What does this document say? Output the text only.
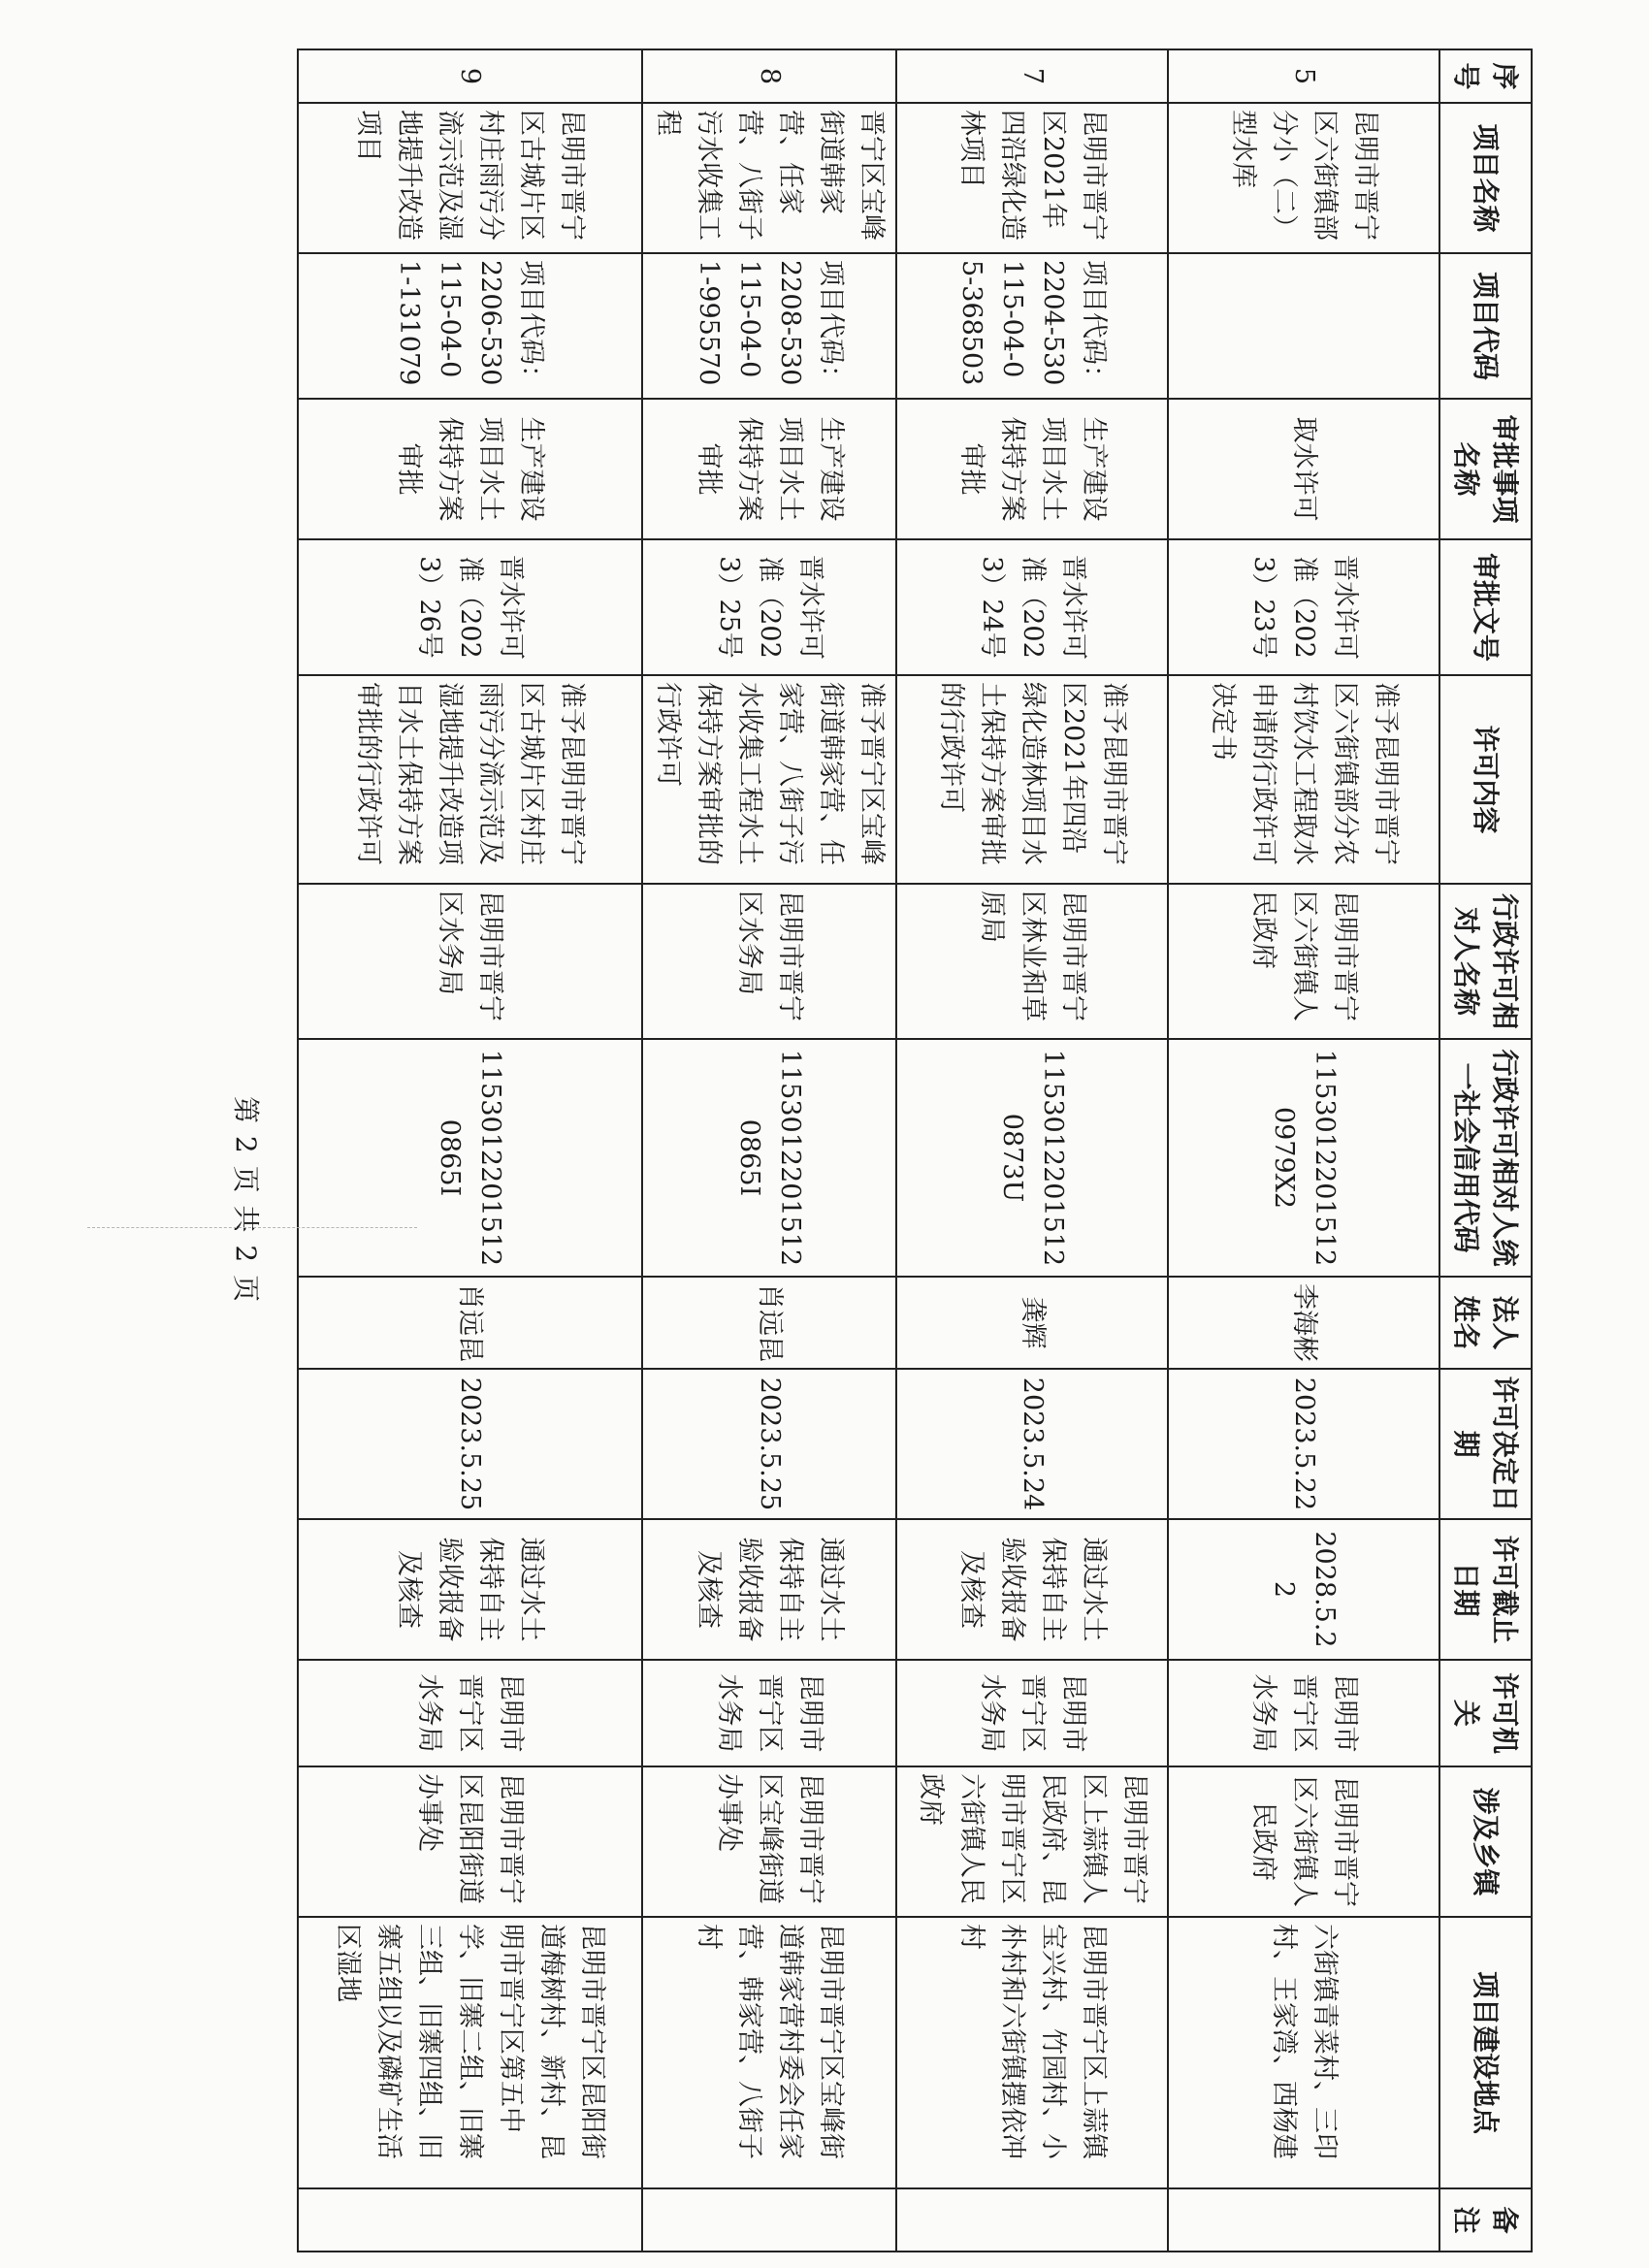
序号	项目名称	项目代码	审批事项名称	审批文号	许可内容	行政许可相对人名称	行政许可相对人统一社会信用代码	法人姓名	许可决定日期	许可截止日期	许可机关	涉及乡镇	项目建设地点	备注
5	昆明市晋宁区六街镇部分小（二）型水库		取水许可	晋水许可准（2023）23号	准予昆明市晋宁区六街镇部分农村饮水工程取水申请的行政许可决定书	昆明市晋宁区六街镇人民政府	11530122015120979X2	李海彬	2023.5.22	2028.5.22	昆明市晋宁区水务局	昆明市晋宁区六街镇人民政府	六街镇青菜村、三印村、王家湾、西杨建	
7	昆明市晋宁区2021年四沿绿化造林项目	项目代码：2204-530115-04-05-368503	生产建设项目水土保持方案审批	晋水许可准（2023）24号	准予昆明市晋宁区2021年四沿绿化造林项目水土保持方案审批的行政许可	昆明市晋宁区林业和草原局	11530122015120873U	龚辉	2023.5.24	通过水土保持自主验收报备及核查	昆明市晋宁区水务局	昆明市晋宁区上蒜镇人民政府、昆明市晋宁区六街镇人民政府	昆明市晋宁区上蒜镇宝兴村、竹园村、小朴村和六街镇摆依冲村	
8	晋宁区宝峰街道韩家营、任家营、八街子污水收集工程	项目代码：2208-530115-04-01-995570	生产建设项目水土保持方案审批	晋水许可准（2023）25号	准予晋宁区宝峰街道韩家营、任家营、八街子污水收集工程水土保持方案审批的行政许可	昆明市晋宁区水务局	11530122015120865I	肖远昆	2023.5.25	通过水土保持自主验收报备及核查	昆明市晋宁区水务局	昆明市晋宁区宝峰街道办事处	昆明市晋宁区宝峰街道韩家营村委会任家营、韩家营、八街子村	
9	昆明市晋宁区古城片区村庄雨污分流示范及湿地提升改造项目	项目代码：2206-530115-04-01-131079	生产建设项目水土保持方案审批	晋水许可准（2023）26号	准予昆明市晋宁区古城片区村庄雨污分流示范及湿地提升改造项目水土保持方案审批的行政许可	昆明市晋宁区水务局	11530122015120865I	肖远昆	2023.5.25	通过水土保持自主验收报备及核查	昆明市晋宁区水务局	昆明市晋宁区昆阳街道办事处	昆明市晋宁区昆阳街道梅树村、新村、昆明市晋宁区第五中学、旧寨二组、旧寨三组、旧寨四组、旧寨五组以及磷矿生活区湿地	
第 2 页 共 2 页
